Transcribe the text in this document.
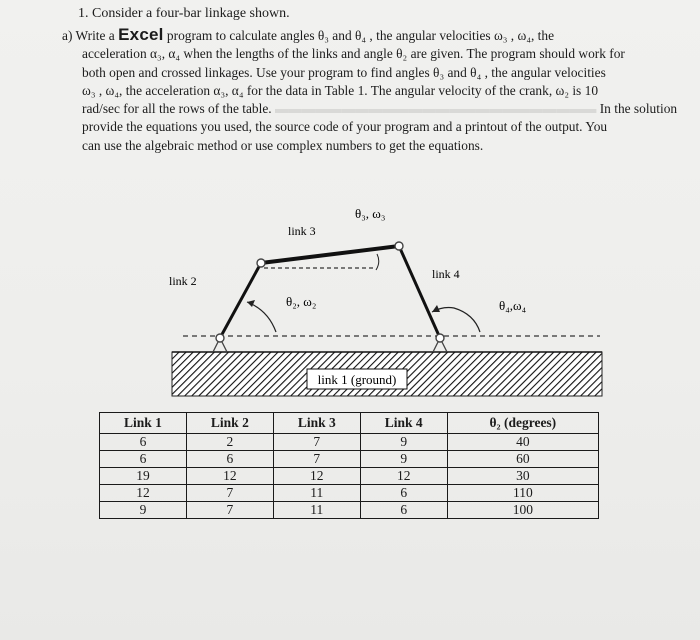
1. Consider a four-bar linkage shown.
a) Write a Excel program to calculate angles θ₃ and θ₄ , the angular velocities ω₃ , ω₄, the
acceleration α₃, α₄ when the lengths of the links and angle θ₂ are given. The program should work for
both open and crossed linkages. Use your program to find angles θ₃ and θ₄ , the angular velocities
ω₃ , ω₄, the acceleration α₃, α₄ for the data in Table 1. The angular velocity of the crank, ω₂ is 10
rad/sec for all the rows of the table. ▬▬▬▬▬▬▬▬▬▬▬▬▬▬▬▬▬▬▬▬▬▬▬▬ In the solution
provide the equations you used, the source code of your program and a printout of the output. You
can use the algebraic method or use complex numbers to get the equations.
link 1 (ground)
link 2
link 3
link 4
θ₃, ω₃
θ₂, ω₂	θ₄,ω₄
Link 1	Link 2	Link 3	Link 4	θ₂ (degrees)
6	2	7	9	40
6	6	7	9	60
19	12	12	12	30
12	7	11	6	110
9	7	11	6	100
